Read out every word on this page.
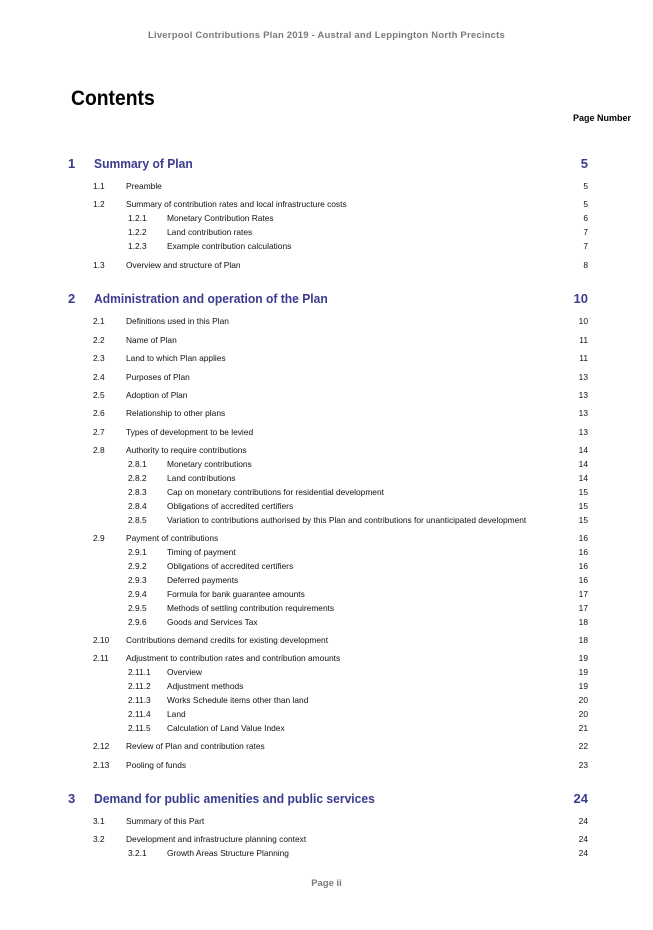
Liverpool Contributions Plan 2019 - Austral and Leppington North Precincts
Contents
Page Number
1 Summary of Plan	5
1.1	Preamble	5
1.2	Summary of contribution rates and local infrastructure costs	5
1.2.1 Monetary Contribution Rates	6
1.2.2 Land contribution rates	7
1.2.3 Example contribution calculations	7
1.3	Overview and structure of Plan	8
2 Administration and operation of the Plan	10
2.1	Definitions used in this Plan	10
2.2	Name of Plan	11
2.3	Land to which Plan applies	11
2.4	Purposes of Plan	13
2.5	Adoption of Plan	13
2.6	Relationship to other plans	13
2.7	Types of development to be levied	13
2.8	Authority to require contributions	14
2.8.1 Monetary contributions	14
2.8.2 Land contributions	14
2.8.3 Cap on monetary contributions for residential development	15
2.8.4 Obligations of accredited certifiers	15
2.8.5 Variation to contributions authorised by this Plan and contributions for unanticipated development	15
2.9	Payment of contributions	16
2.9.1 Timing of payment	16
2.9.2 Obligations of accredited certifiers	16
2.9.3 Deferred payments	16
2.9.4 Formula for bank guarantee amounts	17
2.9.5 Methods of settling contribution requirements	17
2.9.6 Goods and Services Tax	18
2.10 Contributions demand credits for existing development	18
2.11 Adjustment to contribution rates and contribution amounts	19
2.11.1 Overview	19
2.11.2 Adjustment methods	19
2.11.3 Works Schedule items other than land	20
2.11.4 Land	20
2.11.5 Calculation of Land Value Index	21
2.12 Review of Plan and contribution rates	22
2.13 Pooling of funds	23
3 Demand for public amenities and public services	24
3.1	Summary of this Part	24
3.2	Development and infrastructure planning context	24
3.2.1 Growth Areas Structure Planning	24
Page ii
